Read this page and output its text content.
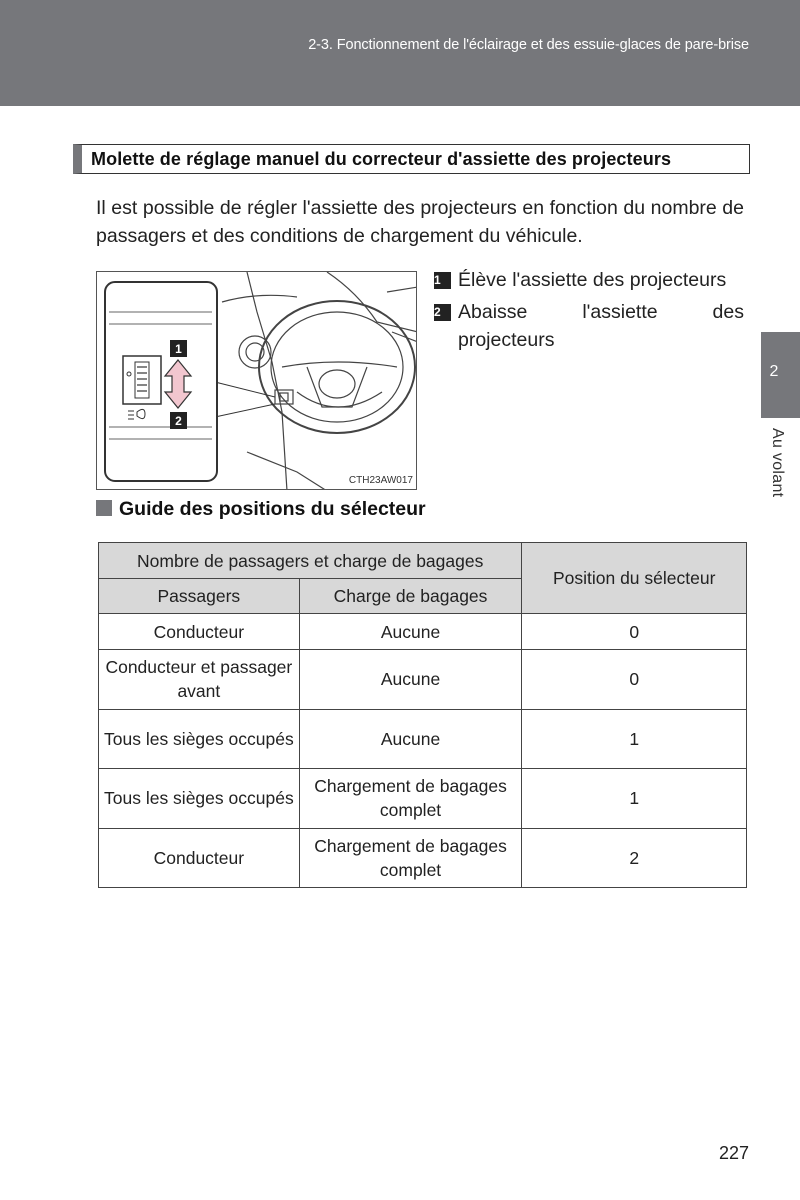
2-3. Fonctionnement de l'éclairage et des essuie-glaces de pare-brise
2
Au volant
Molette de réglage manuel du correcteur d'assiette des projecteurs

Il est possible de régler l'assiette des projecteurs en fonction du nombre de passagers et des conditions de chargement du véhicule.

1
2
CTH23AW017
1 Élève l'assiette des projecteurs
2 Abaisse l'assiette des projecteurs
Guide des positions du sélecteur
Nombre de passagers et charge de bagages		Position du sélecteur
Passagers	Charge de bagages	
Conducteur	Aucune	0
Conducteur et passager avant	Aucune	0
Tous les sièges occupés	Aucune	1
Tous les sièges occupés	Chargement de bagages complet	1
Conducteur	Chargement de bagages complet	2
227
